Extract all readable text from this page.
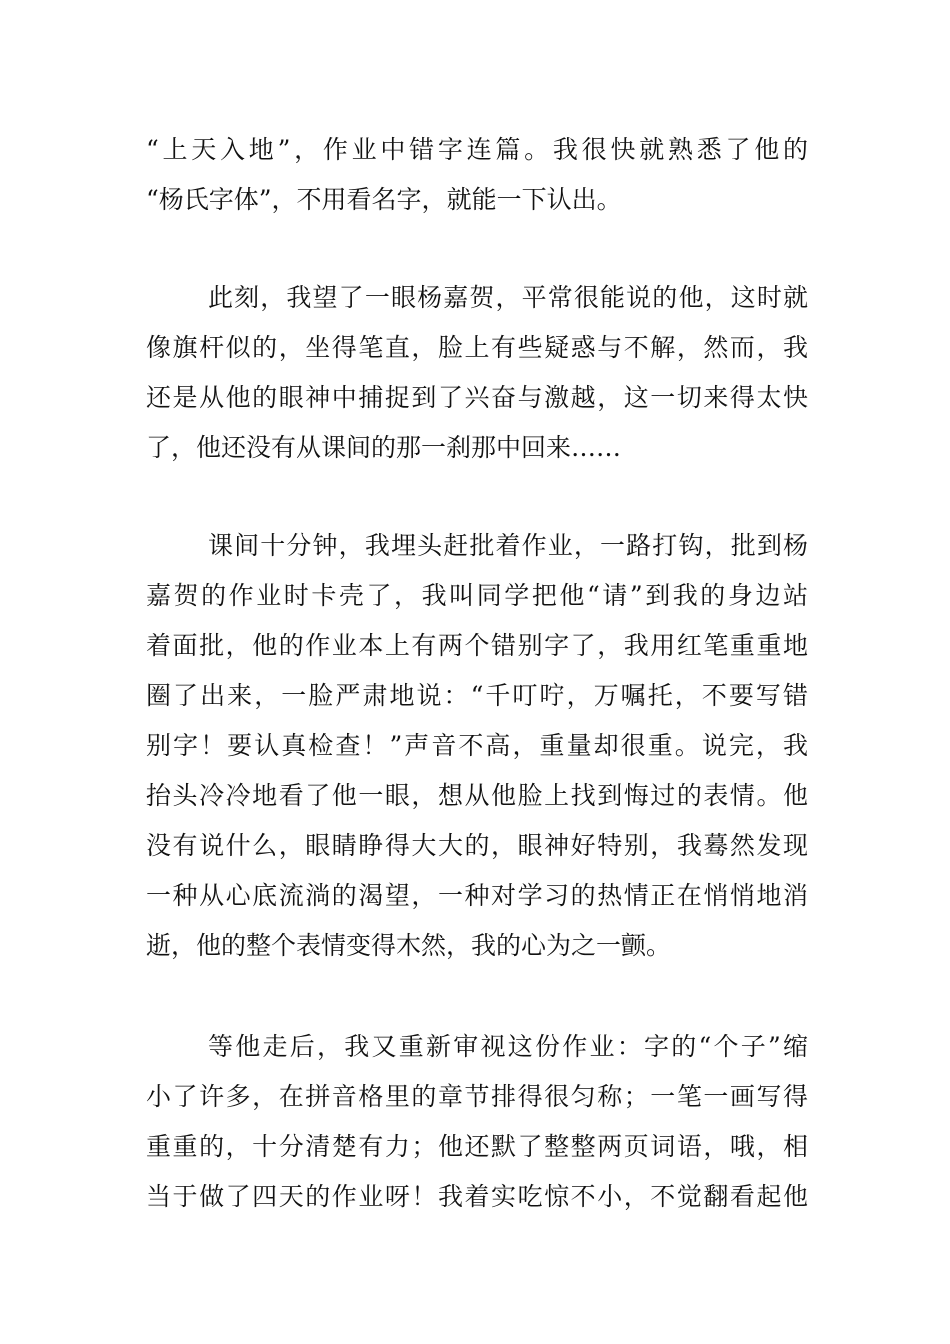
“上天入地”，作业中错字连篇。我很快就熟悉了他的
“杨氏字体”，不用看名字，就能一下认出。
此刻，我望了一眼杨嘉贺，平常很能说的他，这时就
像旗杆似的，坐得笔直，脸上有些疑惑与不解，然而，我
还是从他的眼神中捕捉到了兴奋与激越，这一切来得太快
了，他还没有从课间的那一刹那中回来……
课间十分钟，我埋头赶批着作业，一路打钩，批到杨
嘉贺的作业时卡壳了，我叫同学把他“请”到我的身边站
着面批，他的作业本上有两个错别字了，我用红笔重重地
圈了出来，一脸严肃地说：“千叮咛，万嘱托，不要写错
别字！要认真检查！”声音不高，重量却很重。说完，我
抬头冷冷地看了他一眼，想从他脸上找到悔过的表情。他
没有说什么，眼睛睁得大大的，眼神好特别，我蓦然发现
一种从心底流淌的渴望，一种对学习的热情正在悄悄地消
逝，他的整个表情变得木然，我的心为之一颤。
等他走后，我又重新审视这份作业：字的“个子”缩
小了许多，在拼音格里的章节排得很匀称；一笔一画写得
重重的，十分清楚有力；他还默了整整两页词语，哦，相
当于做了四天的作业呀！我着实吃惊不小，不觉翻看起他
